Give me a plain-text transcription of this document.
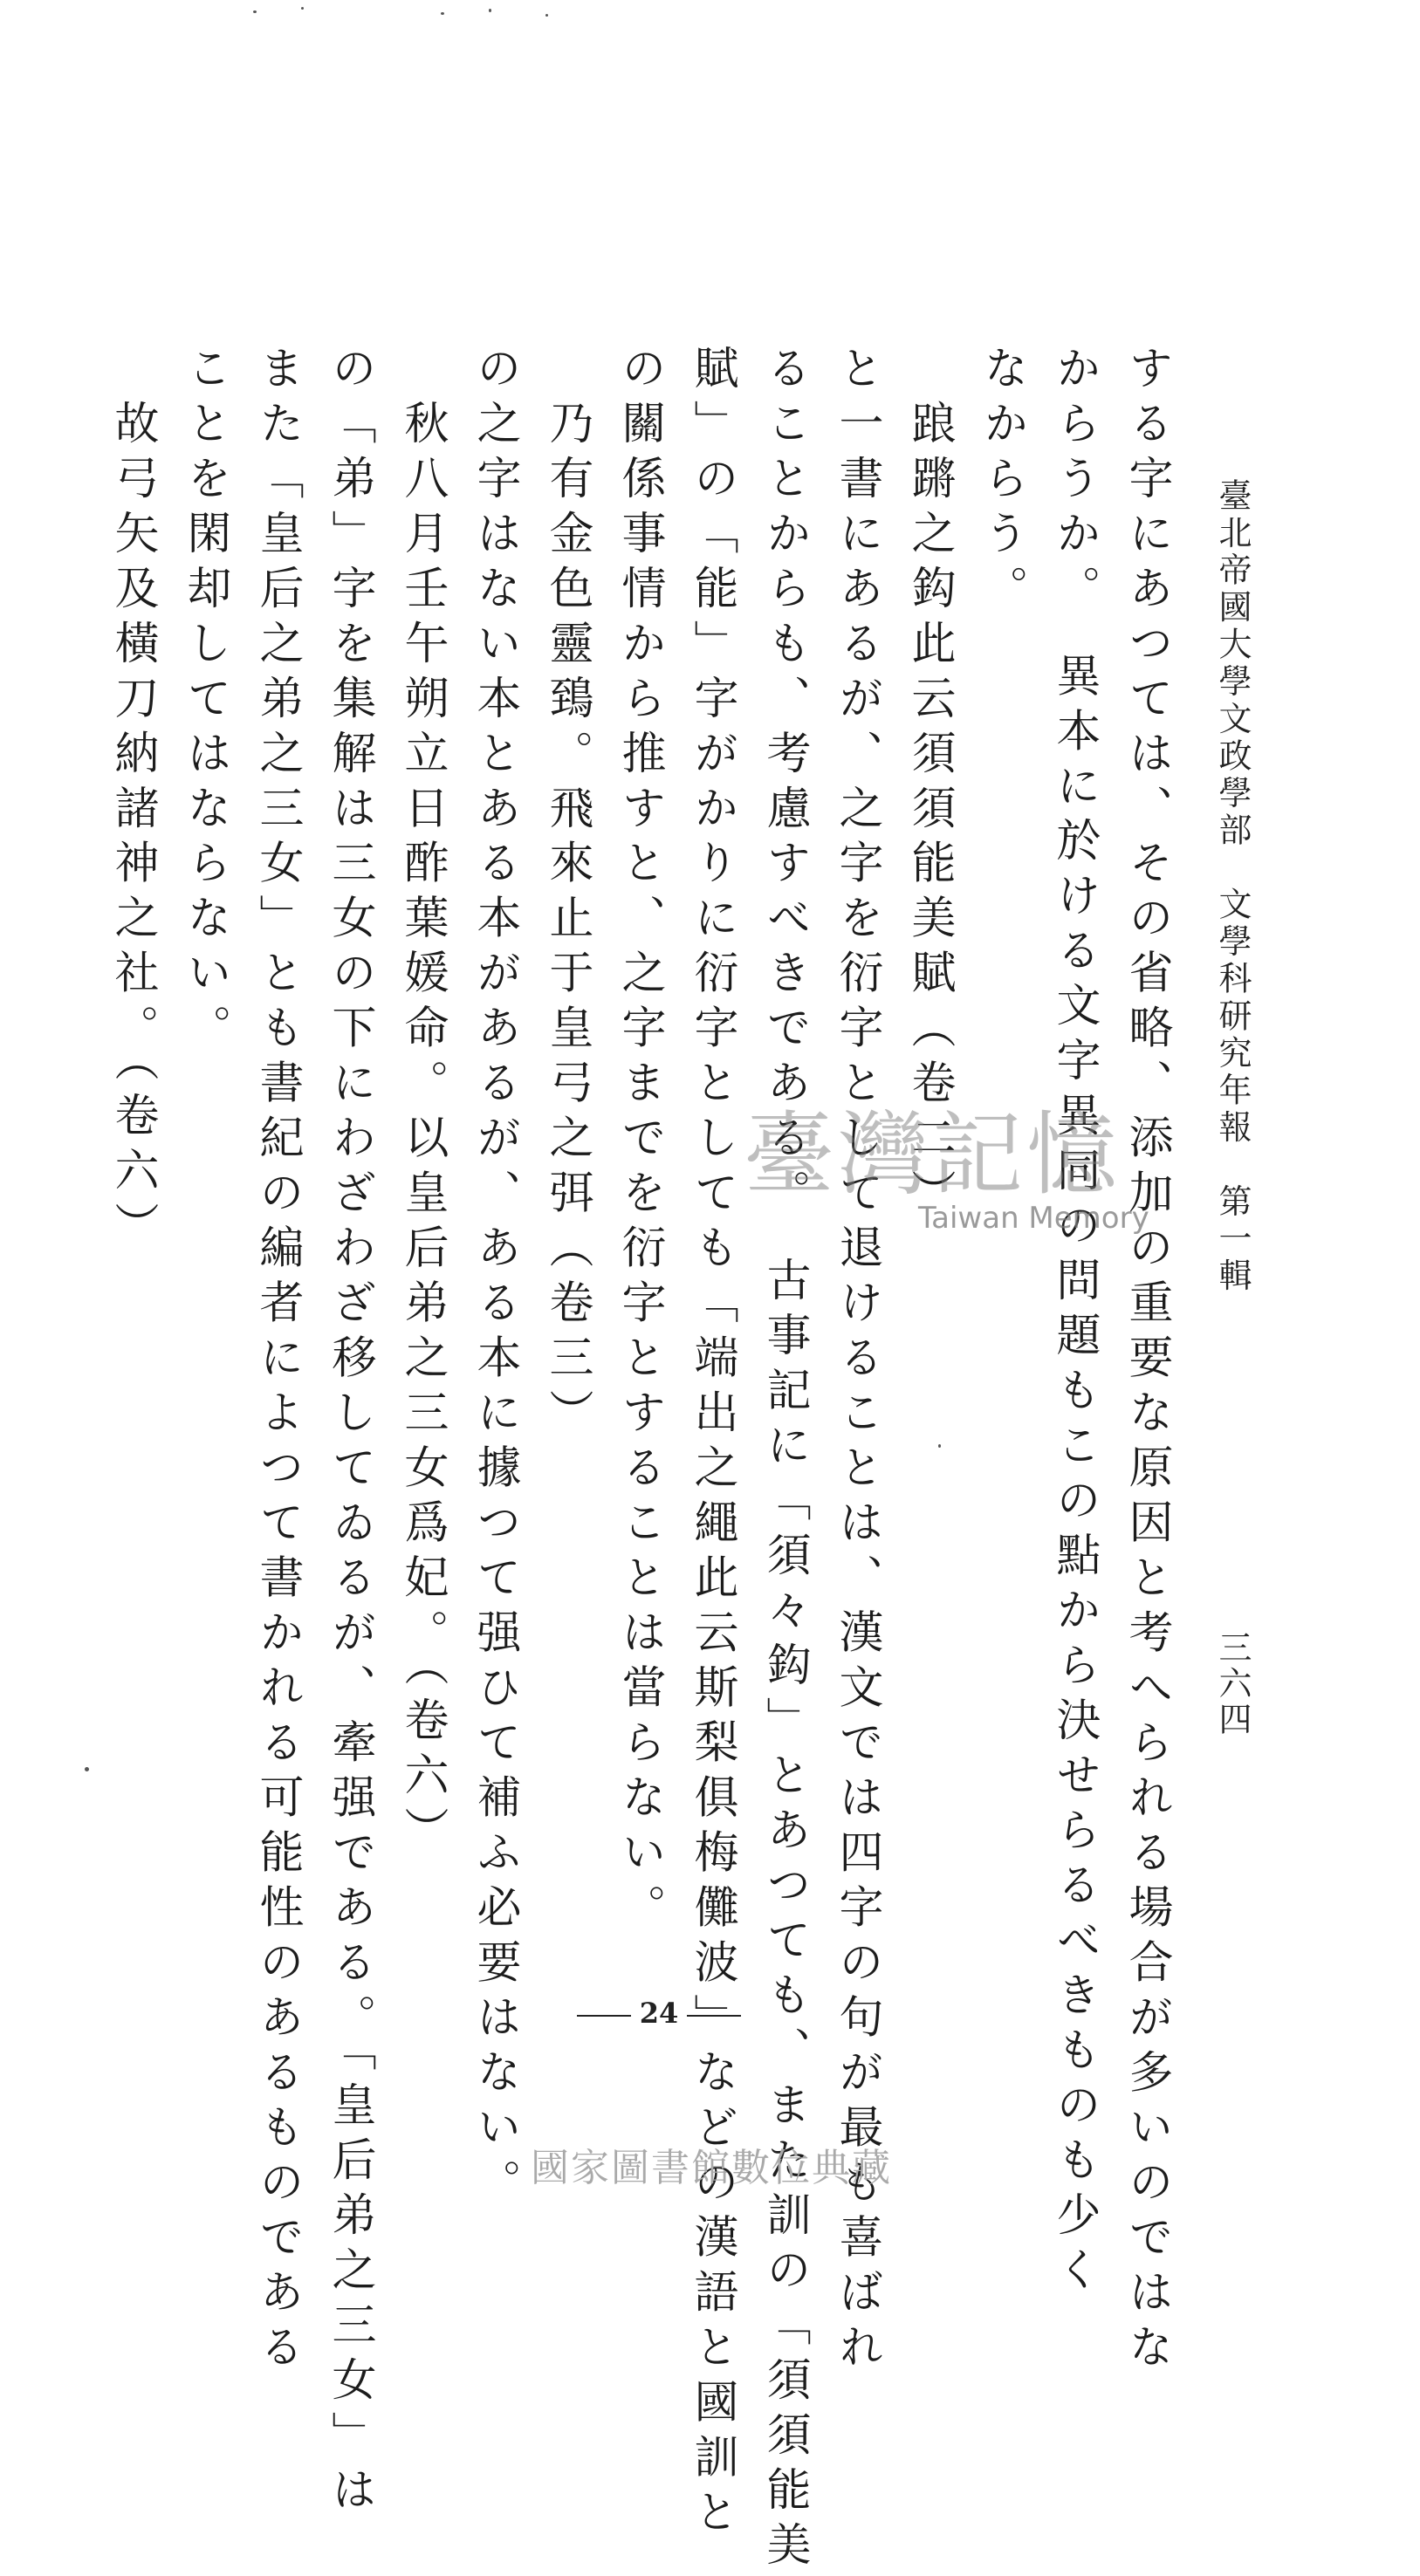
臺北帝國大學文政學部　文學科研究年報　第一輯
三六四
する字にあつては、その省略、添加の重要な原因と考へられる場合が多いのではな
からうか。　異本に於ける文字異同の問題もこの點から決せらるべきものも少く
なからう。
　踉蹡之鈎此云須須能美賦（卷二）
と一書にあるが、之字を衍字として退けることは、漢文では四字の句が最も喜ばれ
ることからも、考慮すべきである。　古事記に「須々鈎」とあつても、また訓の「須須能美
賦」の「能」字がかりに衍字としても「端出之繩此云斯梨俱梅儺波」などの漢語と國訓と
の關係事情から推すと、之字までを衍字とすることは當らない。
　乃有金色靈鵄。飛來止于皇弓之弭（卷三）
の之字はない本とある本があるが、ある本に據つて强ひて補ふ必要はない。
　秋八月壬午朔立日酢葉媛命。以皇后弟之三女爲妃。（卷六）
の「弟」字を集解は三女の下にわざわざ移してゐるが、牽强である。「皇后弟之三女」は
また「皇后之弟之三女」とも書紀の編者によつて書かれる可能性のあるものである
ことを閑却してはならない。
　故弓矢及橫刀納諸神之社。（卷六）
24
臺灣記憶
Taiwan Memory
國家圖書館數位典藏
